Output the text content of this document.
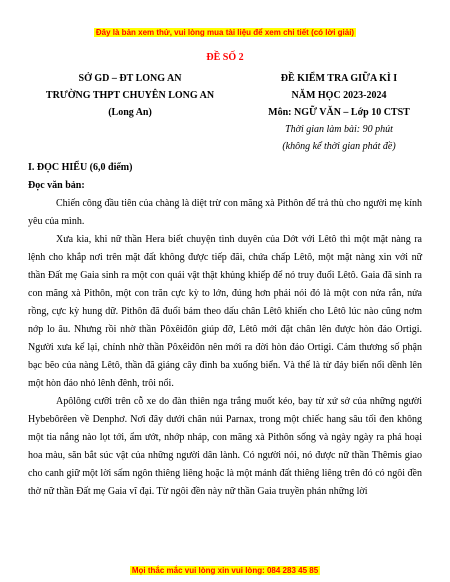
Đây là bản xem thử, vui lòng mua tài liệu để xem chi tiết (có lời giải)
ĐỀ SỐ 2
SỞ GD – ĐT LONG AN
TRƯỜNG THPT CHUYÊN LONG AN
(Long An)
ĐỀ KIỂM TRA GIỮA KÌ I
NĂM HỌC 2023-2024
Môn: NGỮ VĂN – Lớp 10 CTST
Thời gian làm bài: 90 phút
(không kể thời gian phát đề)
I. ĐỌC HIỂU (6,0 điểm)
Đọc văn bản:

Chiến công đầu tiên của chàng là diệt trừ con mãng xà Pithôn để trả thù cho người mẹ kính yêu của mình.

Xưa kia, khi nữ thần Hera biết chuyện tình duyên của Dớt với Lêtô thì một mặt nàng ra lệnh cho khắp nơi trên mặt đất không được tiếp đãi, chứa chấp Lêtô, một mặt nàng xin với nữ thần Đất mẹ Gaia sinh ra một con quái vật thật khủng khiếp để nó truy đuổi Lêtô. Gaia đã sinh ra con mãng xà Pithôn, một con trăn cực kỳ to lớn, đúng hơn phải nói đó là một con nửa rắn, nửa rồng, cực kỳ hung dữ. Pithôn đã đuổi bám theo dấu chân Lêtô khiến cho Lêtô lúc nào cũng nơm nớp lo âu. Nhưng rồi nhờ thần Pôxêiđôn giúp đỡ, Lêtô mới đặt chân lên được hòn đảo Ortigi. Người xưa kể lại, chính nhờ thần Pôxêiđôn nên mới ra đời hòn đảo Ortigi. Cảm thương số phận bạc bẽo của nàng Lêtô, thần đã giáng cây đinh ba xuống biển. Và thế là từ đáy biển nổi dềnh lên một hòn đảo nhỏ lênh đênh, trôi nổi.

Apôlông cưỡi trên cỗ xe do đàn thiên nga trắng muốt kéo, bay từ xứ sở của những người Hybebôrêen về Denphơ. Nơi đây dưới chân núi Parnax, trong một chiếc hang sâu tối đen không một tia nắng nào lọt tới, ẩm ướt, nhớp nháp, con mãng xà Pithôn sống và ngày ngày ra phá hoại hoa màu, săn bắt súc vật của những người dân lành. Có người nói, nó được nữ thần Thêmis giao cho canh giữ một lời sấm ngôn thiêng liêng hoặc là một mảnh đất thiêng liêng trên đó có ngôi đền thờ nữ thần Đất mẹ Gaia vĩ đại. Từ ngôi đền này nữ thần Gaia truyền phán những lời

Mọi thắc mắc vui lòng xin vui lòng: 084 283 45 85
